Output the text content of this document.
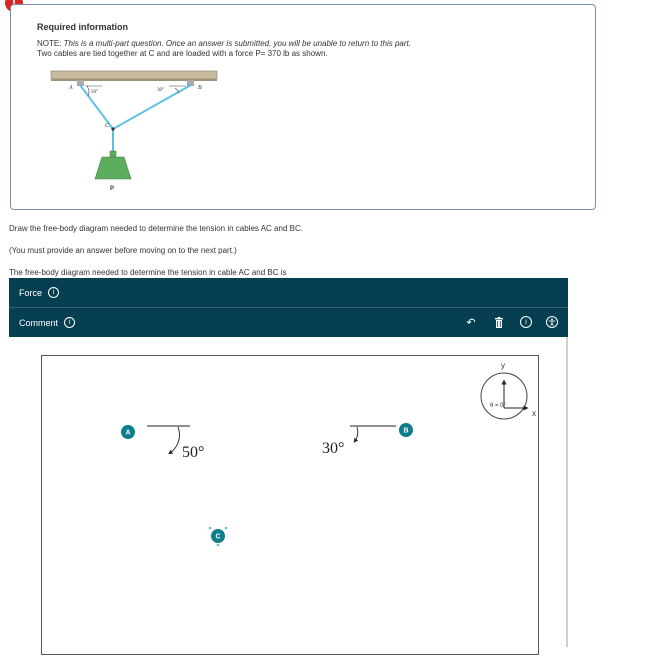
Required information
NOTE: This is a multi-part question. Once an answer is submitted, you will be unable to return to this part.
Two cables are tied together at C and are loaded with a force P= 370 lb as shown.
A	B
C
P
50°	30°
Draw the free-body diagram needed to determine the tension in cables AC and BC.
(You must provide an answer before moving on to the next part.)
The free-body diagram needed to determine the tension in cable AC and BC is
Force	i
Comment	i	↶	i
A
50°
B
30°
C
y
x
θ = 0°
